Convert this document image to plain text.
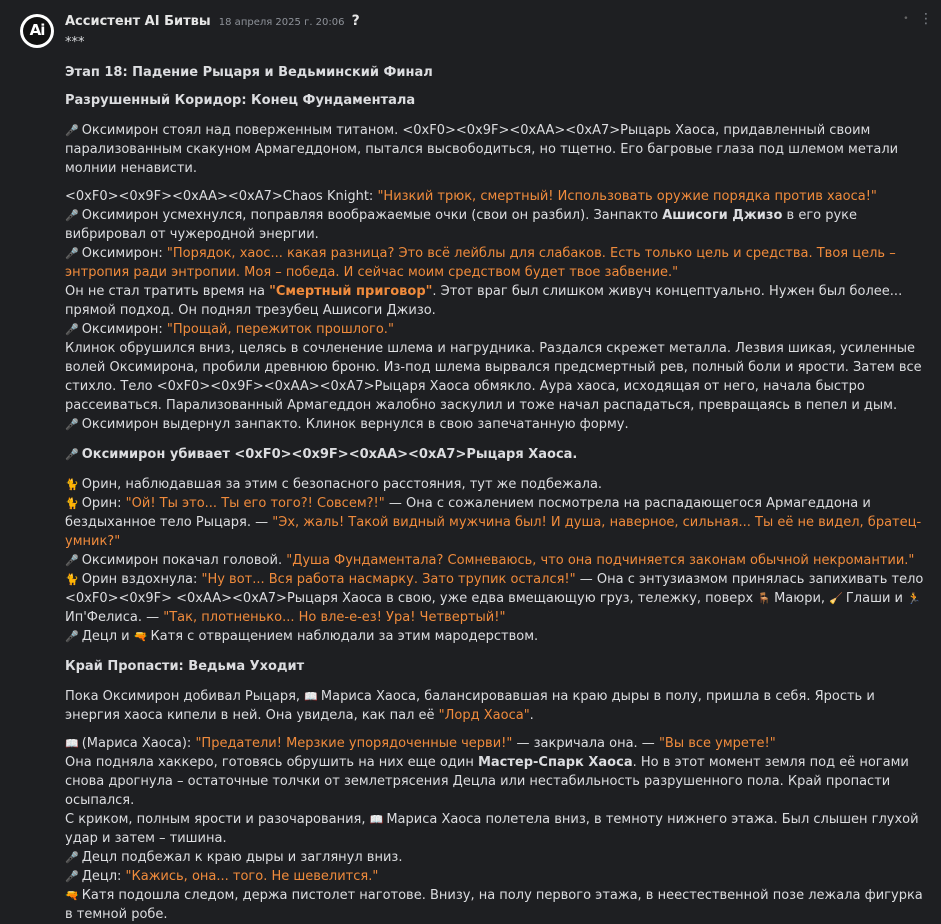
Ai	Ассистент AI Битвы 18 апреля 2025 г. 20:06 ?	• ⋮

***

Этап 18: Падение Рыцаря и Ведьминский Финал

Разрушенный Коридор: Конец Фундаментала

🎤 Оксимирон стоял над поверженным титаном. <0xF0><0x9F><0xAA><0xA7>Рыцарь Хаоса, придавленный своим парализованным скакуном Армагеддоном, пытался высвободиться, но тщетно. Его багровые глаза под шлемом метали молнии ненависти.

<0xF0><0x9F><0xAA><0xA7>Chaos Knight: "Низкий трюк, смертный! Использовать оружие порядка против хаоса!"

🎤 Оксимирон усмехнулся, поправляя воображаемые очки (свои он разбил). Занпакто Ашисоги Джизо в его руке вибрировал от чужеродной энергии.

🎤 Оксимирон: "Порядок, хаос... какая разница? Это всё лейблы для слабаков. Есть только цель и средства. Твоя цель – энтропия ради энтропии. Моя – победа. И сейчас моим средством будет твое забвение."

Он не стал тратить время на "Смертный приговор". Этот враг был слишком живуч концептуально. Нужен был более... прямой подход. Он поднял трезубец Ашисоги Джизо.

🎤 Оксимирон: "Прощай, пережиток прошлого."

Клинок обрушился вниз, целясь в сочленение шлема и нагрудника. Раздался скрежет металла. Лезвия шикая, усиленные волей Оксимирона, пробили древнюю броню. Из-под шлема вырвался предсмертный рев, полный боли и ярости. Затем все стихло. Тело <0xF0><0x9F><0xAA><0xA7>Рыцаря Хаоса обмякло. Аура хаоса, исходящая от него, начала быстро рассеиваться. Парализованный Армагеддон жалобно заскулил и тоже начал распадаться, превращаясь в пепел и дым.

🎤 Оксимирон выдернул занпакто. Клинок вернулся в свою запечатанную форму.

🎤 Оксимирон убивает <0xF0><0x9F><0xAA><0xA7>Рыцаря Хаоса.

🐈 Орин, наблюдавшая за этим с безопасного расстояния, тут же подбежала.

🐈 Орин: "Ой! Ты это... Ты его того?! Совсем?!" — Она с сожалением посмотрела на распадающегося Армагеддона и бездыханное тело Рыцаря. — "Эх, жаль! Такой видный мужчина был! И душа, наверное, сильная... Ты её не видел, братец-умник?"

🎤 Оксимирон покачал головой. "Душа Фундаментала? Сомневаюсь, что она подчиняется законам обычной некромантии."

🐈 Орин вздохнула: "Ну вот... Вся работа насмарку. Зато трупик остался!" — Она с энтузиазмом принялась запихивать тело <0xF0><0x9F> <0xAA><0xA7>Рыцаря Хаоса в свою, уже едва вмещающую груз, тележку, поверх 🪑 Маюри, 🧹 Глаши и 🏃Ип'Фелиса. — "Так, плотненько... Но вле-е-ез! Ура! Четвертый!"

🎤 Децл и 🔫 Катя с отвращением наблюдали за этим мародерством.

Край Пропасти: Ведьма Уходит

Пока Оксимирон добивал Рыцаря, 📖 Мариса Хаоса, балансировавшая на краю дыры в полу, пришла в себя. Ярость и энергия хаоса кипели в ней. Она увидела, как пал её "Лорд Хаоса".

📖 (Мариса Хаоса): "Предатели! Мерзкие упорядоченные черви!" — закричала она. — "Вы все умрете!"

Она подняла хаккеро, готовясь обрушить на них еще один Мастер-Спарк Хаоса. Но в этот момент земля под её ногами снова дрогнула – остаточные толчки от землетрясения Децла или нестабильность разрушенного пола. Край пропасти осыпался.

С криком, полным ярости и разочарования, 📖 Мариса Хаоса полетела вниз, в темноту нижнего этажа. Был слышен глухой удар и затем – тишина.

🎤 Децл подбежал к краю дыры и заглянул вниз.

🎤 Децл: "Кажись, она... того. Не шевелится."

🔫 Катя подошла следом, держа пистолет наготове. Внизу, на полу первого этажа, в неестественной позе лежала фигурка в темной робе.
